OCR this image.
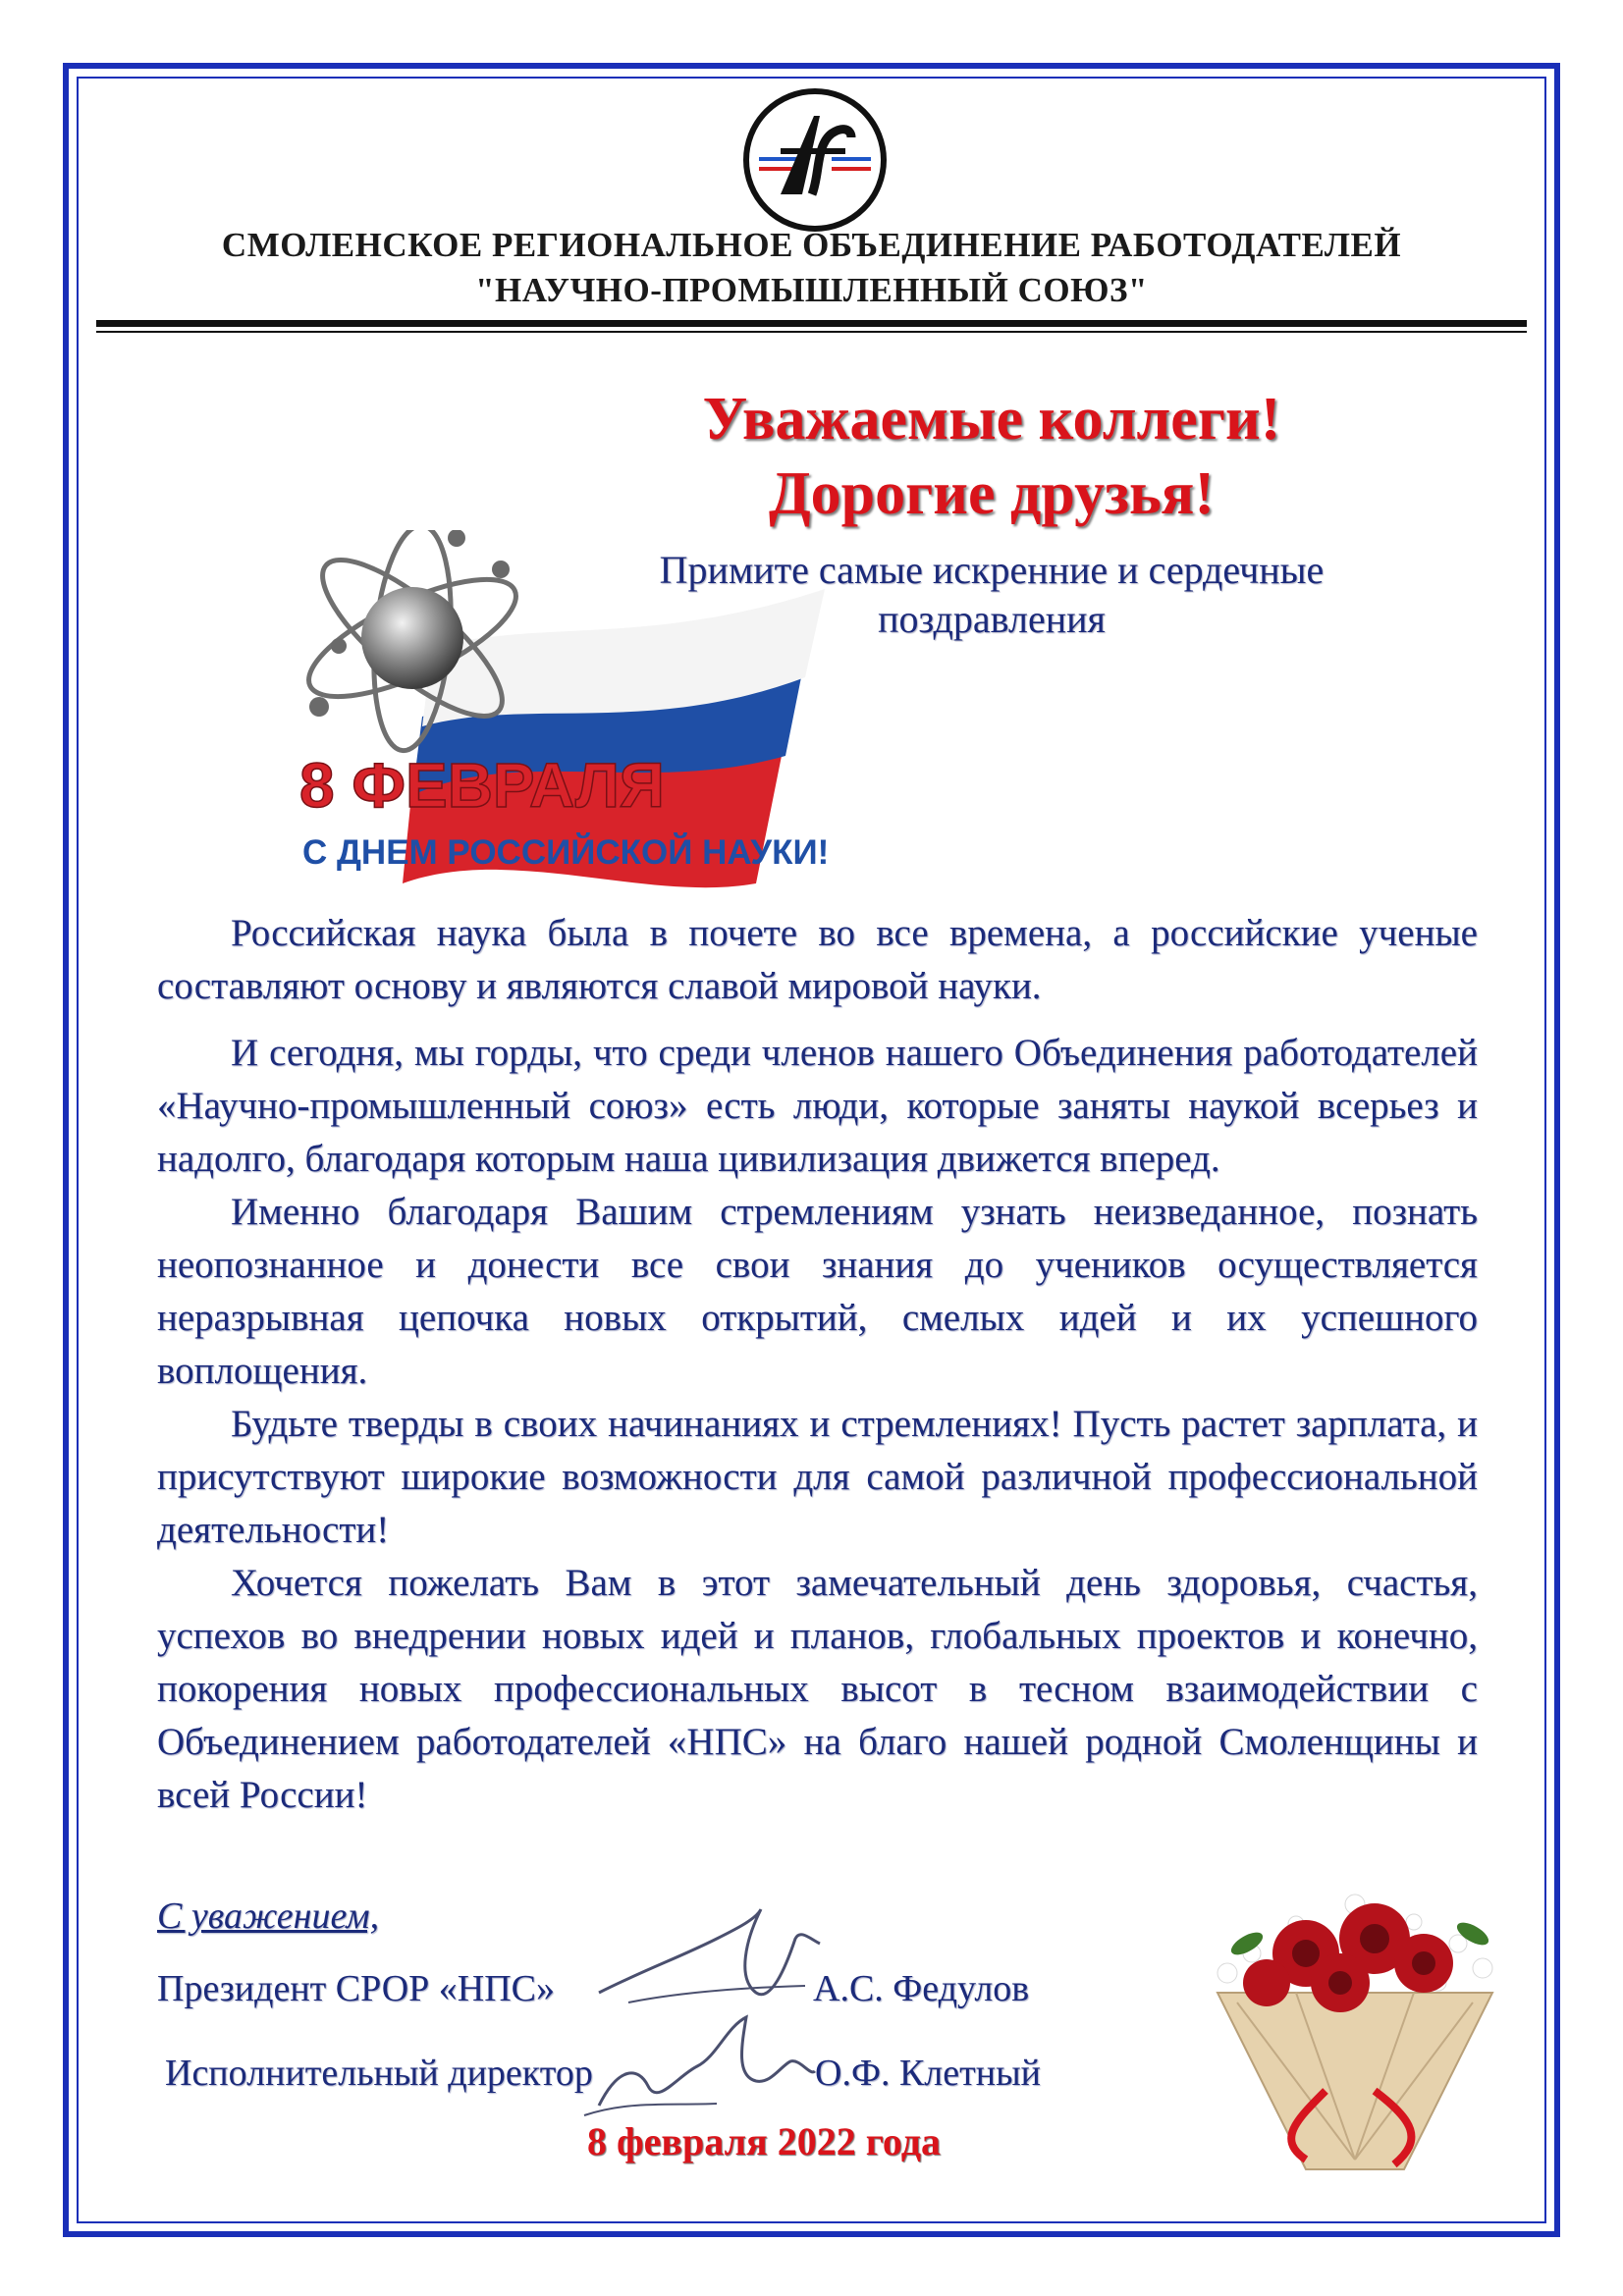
СМОЛЕНСКОЕ РЕГИОНАЛЬНОЕ ОБЪЕДИНЕНИЕ РАБОТОДАТЕЛЕЙ
"НАУЧНО-ПРОМЫШЛЕННЫЙ СОЮЗ"
Уважаемые коллеги!
Дорогие друзья!
8 ФЕВРАЛЯ
С ДНЕМ РОССИЙСКОЙ НАУКИ!
Примите самые искренние и сердечные
поздравления

Российская наука была в почете во все времена, а российские ученые составляют основу и являются славой мировой науки.

И сегодня, мы горды, что среди членов нашего Объединения работодателей «Научно-промышленный союз» есть люди, которые заняты наукой всерьез и надолго, благодаря которым наша цивилизация движется вперед.

Именно благодаря Вашим стремлениям узнать неизведанное, познать неопознанное и донести все свои знания до учеников осуществляется неразрывная цепочка новых открытий, смелых идей и их успешного воплощения.

Будьте тверды в своих начинаниях и стремлениях! Пусть растет зарплата, и присутствуют широкие возможности для самой различной профессиональной деятельности!

Хочется пожелать Вам в этот замечательный день здоровья, счастья, успехов во внедрении новых идей и планов, глобальных проектов и конечно, покорения новых профессиональных высот в тесном взаимодействии с Объединением работодателей «НПС» на благо нашей родной Смоленщины и всей России!

С уважением,
Президент СРОР «НПС»	А.С. Федулов
Исполнительный директор	О.Ф. Клетный
8 февраля 2022 года
